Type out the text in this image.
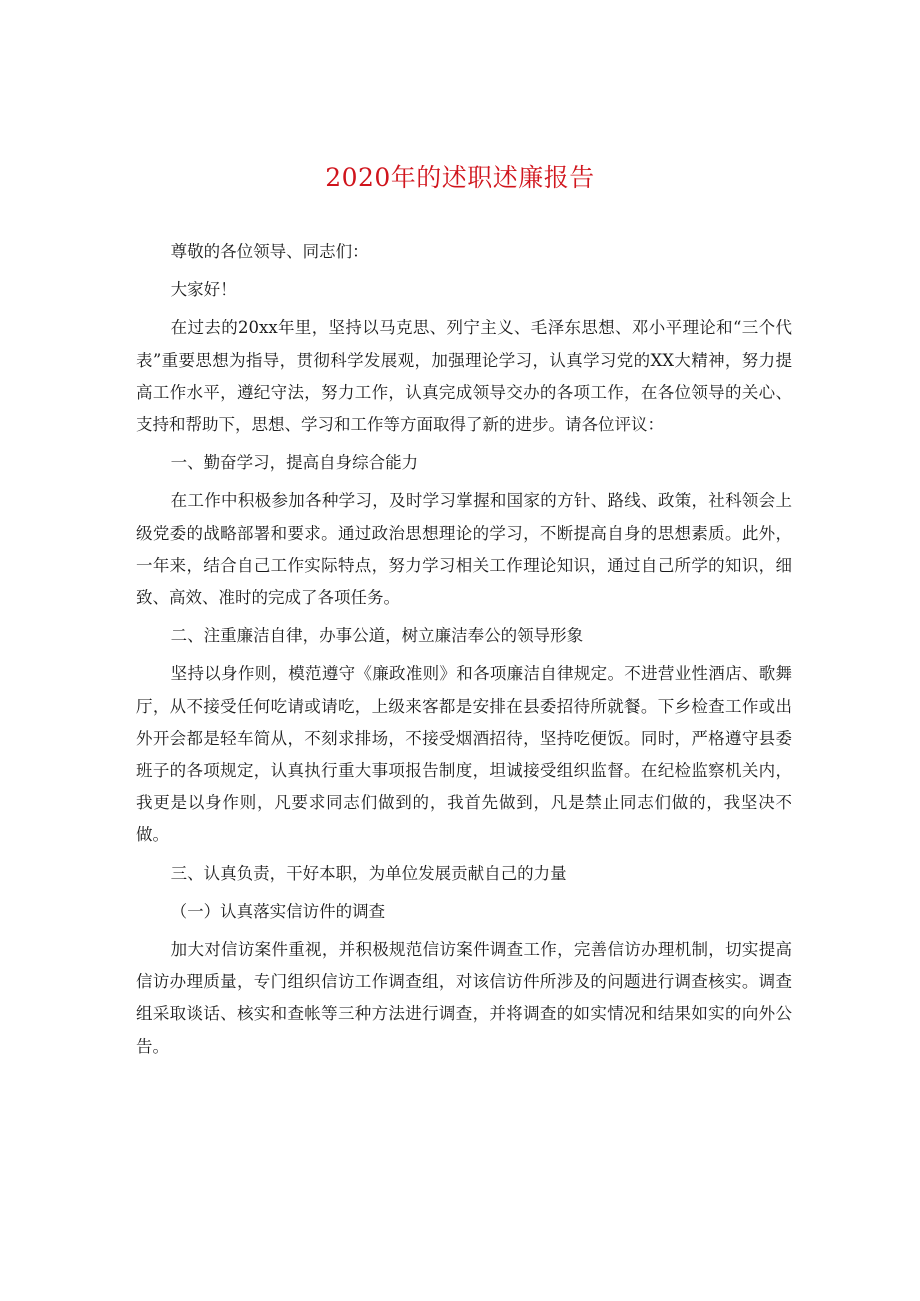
2020年的述职述廉报告

尊敬的各位领导、同志们：

大家好！

在过去的20xx年里，坚持以马克思、列宁主义、毛泽东思想、邓小平理论和“三个代表”重要思想为指导，贯彻科学发展观，加强理论学习，认真学习党的XX大精神，努力提高工作水平，遵纪守法，努力工作，认真完成领导交办的各项工作，在各位领导的关心、支持和帮助下，思想、学习和工作等方面取得了新的进步。请各位评议：

一、勤奋学习，提高自身综合能力

在工作中积极参加各种学习，及时学习掌握和国家的方针、路线、政策，社科领会上级党委的战略部署和要求。通过政治思想理论的学习，不断提高自身的思想素质。此外，一年来，结合自己工作实际特点，努力学习相关工作理论知识，通过自己所学的知识，细致、高效、准时的完成了各项任务。

二、注重廉洁自律，办事公道，树立廉洁奉公的领导形象

坚持以身作则，模范遵守《廉政准则》和各项廉洁自律规定。不进营业性酒店、歌舞厅，从不接受任何吃请或请吃，上级来客都是安排在县委招待所就餐。下乡检查工作或出外开会都是轻车简从，不刻求排场，不接受烟酒招待，坚持吃便饭。同时，严格遵守县委班子的各项规定，认真执行重大事项报告制度，坦诚接受组织监督。在纪检监察机关内，我更是以身作则，凡要求同志们做到的，我首先做到，凡是禁止同志们做的，我坚决不做。

三、认真负责，干好本职，为单位发展贡献自己的力量

（一）认真落实信访件的调查

加大对信访案件重视，并积极规范信访案件调查工作，完善信访办理机制，切实提高信访办理质量，专门组织信访工作调查组，对该信访件所涉及的问题进行调查核实。调查组采取谈话、核实和查帐等三种方法进行调查，并将调查的如实情况和结果如实的向外公告。
